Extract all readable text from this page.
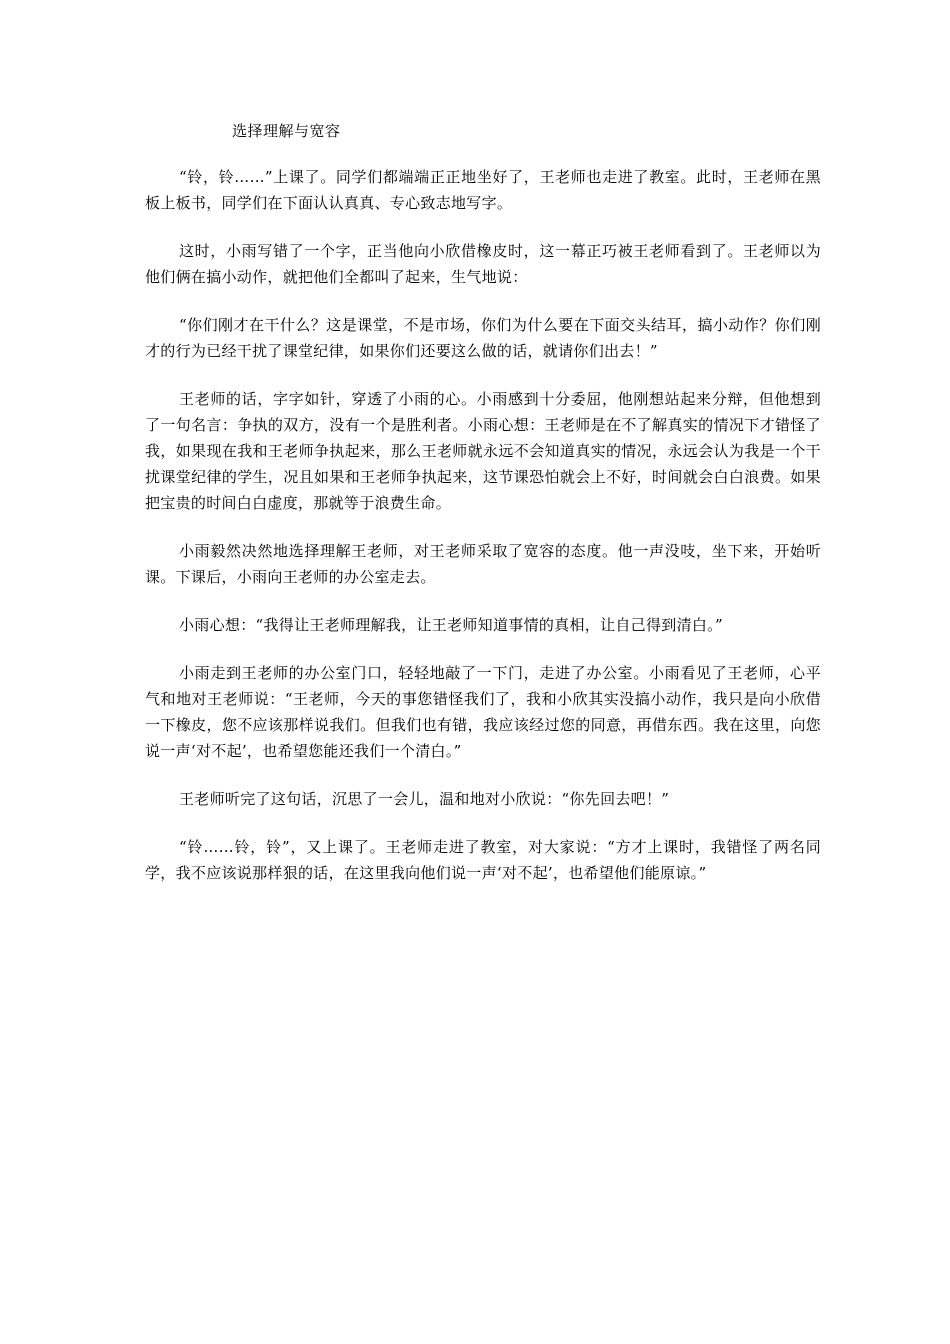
选择理解与宽容

“铃，铃……”上课了。同学们都端端正正地坐好了，王老师也走进了教室。此时，王老师在黑板上板书，同学们在下面认认真真、专心致志地写字。

这时，小雨写错了一个字，正当他向小欣借橡皮时，这一幕正巧被王老师看到了。王老师以为他们俩在搞小动作，就把他们全都叫了起来，生气地说：

“你们刚才在干什么？这是课堂，不是市场，你们为什么要在下面交头结耳，搞小动作？你们刚才的行为已经干扰了课堂纪律，如果你们还要这么做的话，就请你们出去！”

王老师的话，字字如针，穿透了小雨的心。小雨感到十分委屈，他刚想站起来分辩，但他想到了一句名言：争执的双方，没有一个是胜利者。小雨心想：王老师是在不了解真实的情况下才错怪了我，如果现在我和王老师争执起来，那么王老师就永远不会知道真实的情况，永远会认为我是一个干扰课堂纪律的学生，况且如果和王老师争执起来，这节课恐怕就会上不好，时间就会白白浪费。如果把宝贵的时间白白虚度，那就等于浪费生命。

小雨毅然决然地选择理解王老师，对王老师采取了宽容的态度。他一声没吱，坐下来，开始听课。下课后，小雨向王老师的办公室走去。

小雨心想：“我得让王老师理解我，让王老师知道事情的真相，让自己得到清白。”

小雨走到王老师的办公室门口，轻轻地敲了一下门，走进了办公室。小雨看见了王老师，心平气和地对王老师说：“王老师，今天的事您错怪我们了，我和小欣其实没搞小动作，我只是向小欣借一下橡皮，您不应该那样说我们。但我们也有错，我应该经过您的同意，再借东西。我在这里，向您说一声‘对不起’，也希望您能还我们一个清白。”

王老师听完了这句话，沉思了一会儿，温和地对小欣说：“你先回去吧！”

“铃……铃，铃”，又上课了。王老师走进了教室，对大家说：“方才上课时，我错怪了两名同学，我不应该说那样狠的话，在这里我向他们说一声‘对不起’，也希望他们能原谅。”
